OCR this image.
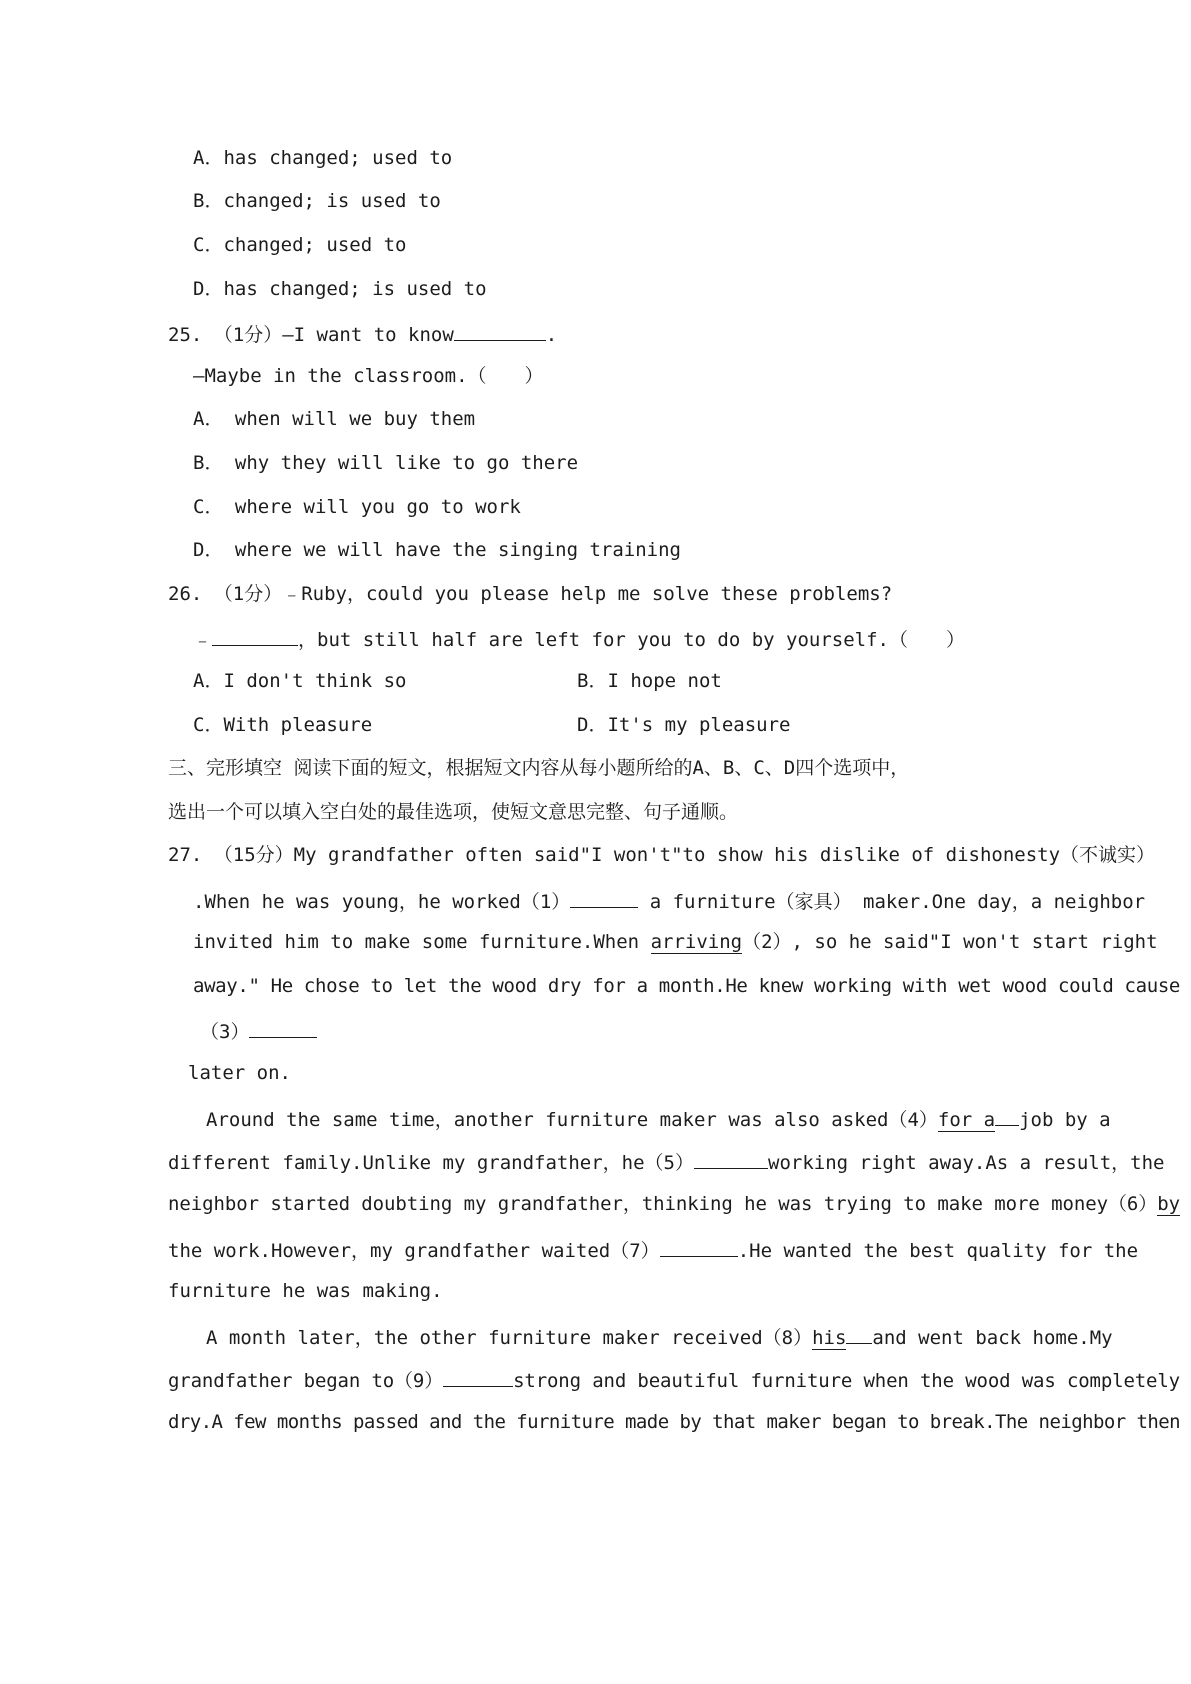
A．has changed; used to
B．changed; is used to
C．changed; used to
D．has changed; is used to
25. （1分）—I want to know	.
—Maybe in the classroom.（　　）
A． when will we buy them
B． why they will like to go there
C． where will you go to work
D． where we will have the singing training
26. （1分）﹣Ruby，could you please help me solve these problems?
﹣	，but still half are left for you to do by yourself.（　　）
A．I don't think so	B．I hope not
C．With pleasure	D．It's my pleasure
三、完形填空 阅读下面的短文，根据短文内容从每小题所给的A、B、C、D四个选项中，
选出一个可以填入空白处的最佳选项，使短文意思完整、句子通顺。
27. （15分）My grandfather often said"I won't"to show his dislike of dishonesty（不诚实）
.When he was young，he worked（1）	a furniture（家具） maker.One day，a neighbor
invited him to make some furniture.When arriving（2）, so he said"I won't start right
away." He chose to let the wood dry for a month.He knew working with wet wood could cause
（3）
later on.
Around the same time，another furniture maker was also asked（4）for a job by a
different family.Unlike my grandfather，he（5）	working right away.As a result，the
neighbor started doubting my grandfather，thinking he was trying to make more money（6）by
the work.However，my grandfather waited（7）	.He wanted the best quality for the
furniture he was making.
A month later，the other furniture maker received（8）his and went back home.My
grandfather began to（9）	strong and beautiful furniture when the wood was completely
dry.A few months passed and the furniture made by that maker began to break.The neighbor then
